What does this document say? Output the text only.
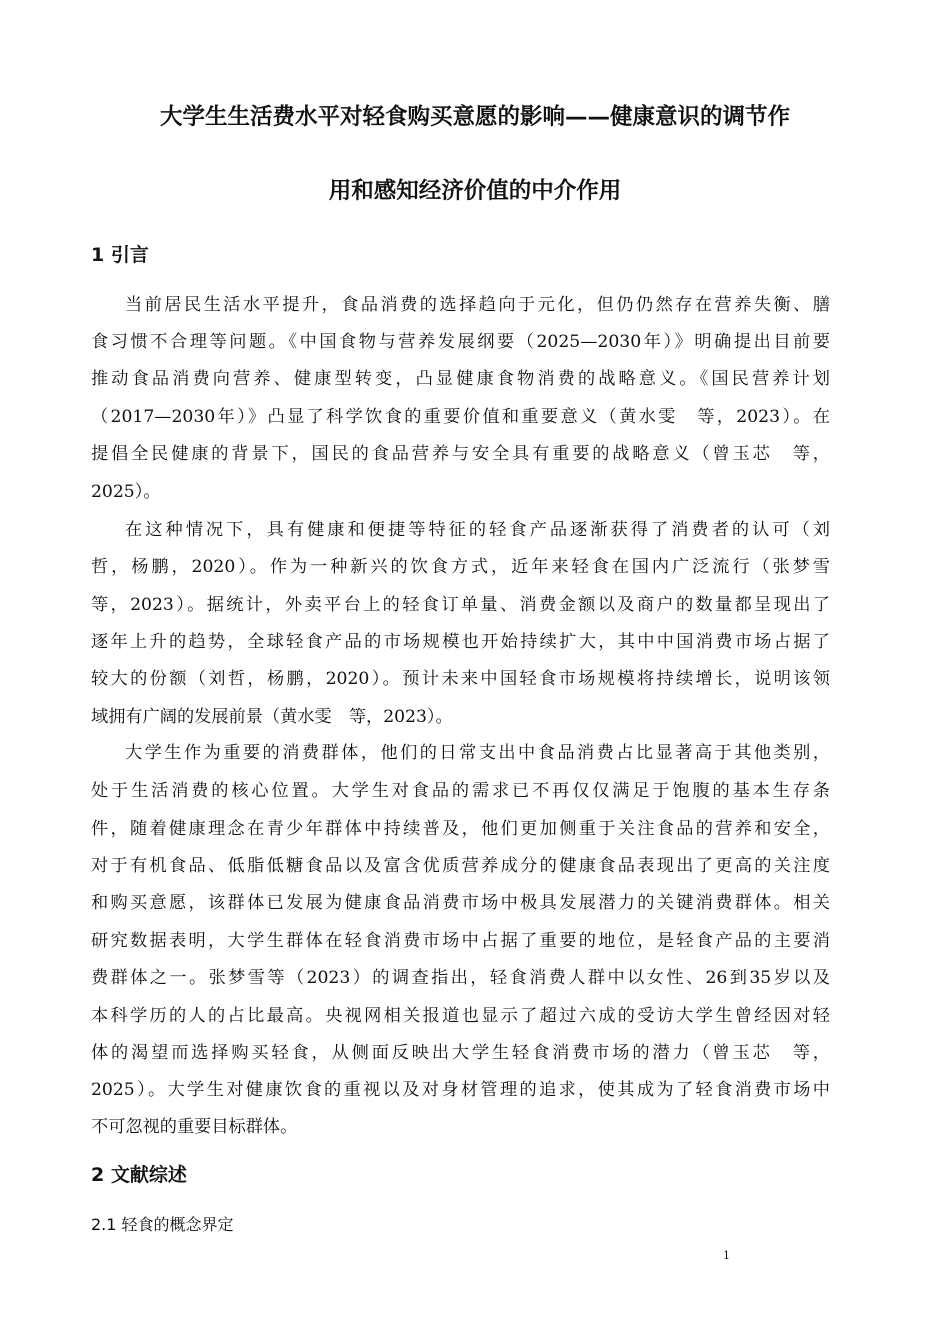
大学生生活费水平对轻食购买意愿的影响——健康意识的调节作
用和感知经济价值的中介作用
1 引言
当前居民生活水平提升，食品消费的选择趋向于元化，但仍仍然存在营养失衡、膳
食习惯不合理等问题。《中国食物与营养发展纲要（2025—2030年）》明确提出目前要
推动食品消费向营养、健康型转变，凸显健康食物消费的战略意义。《国民营养计划
（2017—2030年）》凸显了科学饮食的重要价值和重要意义（黄水雯　等，2023）。在
提倡全民健康的背景下，国民的食品营养与安全具有重要的战略意义（曾玉芯　等，
2025）。
在这种情况下，具有健康和便捷等特征的轻食产品逐渐获得了消费者的认可（刘
哲，杨鹏，2020）。作为一种新兴的饮食方式，近年来轻食在国内广泛流行（张梦雪
等，2023）。据统计，外卖平台上的轻食订单量、消费金额以及商户的数量都呈现出了
逐年上升的趋势，全球轻食产品的市场规模也开始持续扩大，其中中国消费市场占据了
较大的份额（刘哲，杨鹏，2020）。预计未来中国轻食市场规模将持续增长，说明该领
域拥有广阔的发展前景（黄水雯　等，2023）。
大学生作为重要的消费群体，他们的日常支出中食品消费占比显著高于其他类别，
处于生活消费的核心位置。大学生对食品的需求已不再仅仅满足于饱腹的基本生存条
件，随着健康理念在青少年群体中持续普及，他们更加侧重于关注食品的营养和安全，
对于有机食品、低脂低糖食品以及富含优质营养成分的健康食品表现出了更高的关注度
和购买意愿，该群体已发展为健康食品消费市场中极具发展潜力的关键消费群体。相关
研究数据表明，大学生群体在轻食消费市场中占据了重要的地位，是轻食产品的主要消
费群体之一。张梦雪等（2023）的调查指出，轻食消费人群中以女性、26到35岁以及
本科学历的人的占比最高。央视网相关报道也显示了超过六成的受访大学生曾经因对轻
体的渴望而选择购买轻食，从侧面反映出大学生轻食消费市场的潜力（曾玉芯　等，
2025）。大学生对健康饮食的重视以及对身材管理的追求，使其成为了轻食消费市场中
不可忽视的重要目标群体。
2 文献综述
2.1 轻食的概念界定
1
